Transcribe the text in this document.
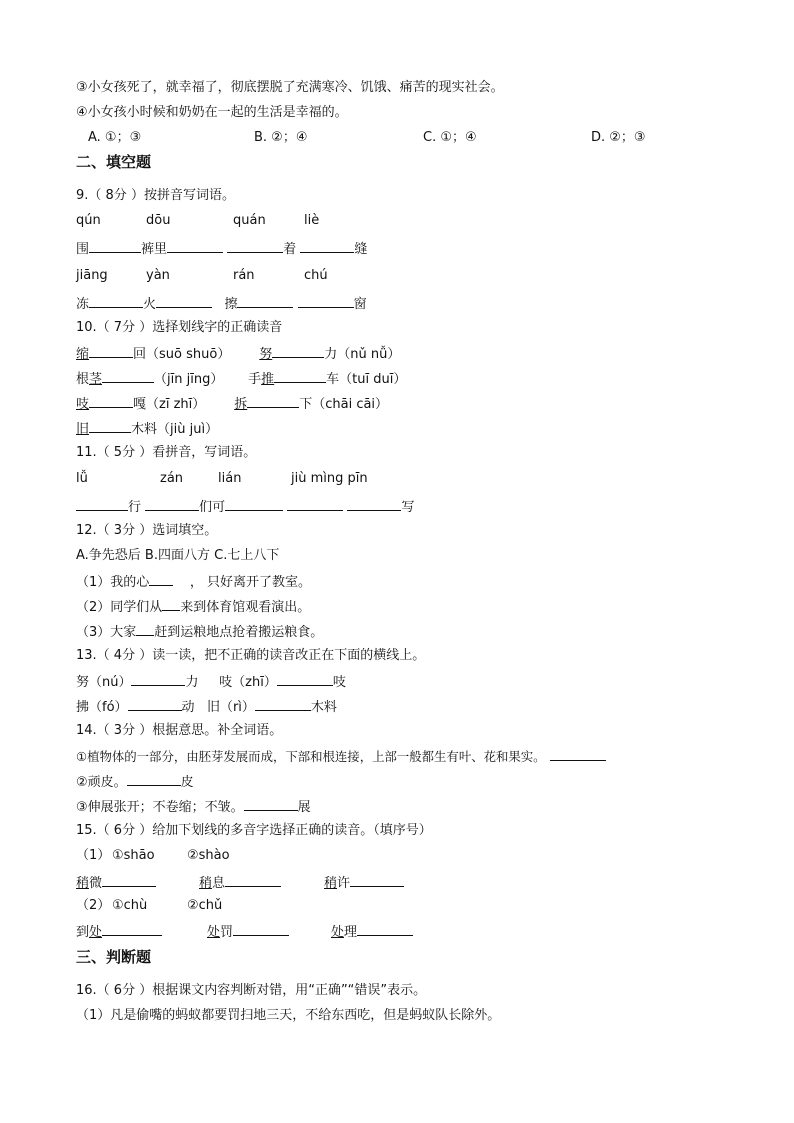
③小女孩死了，就幸福了，彻底摆脱了充满寒冷、饥饿、痛苦的现实社会。
④小女孩小时候和奶奶在一起的生活是幸福的。
A. ①；③	B. ②；④	C. ①；④	D. ②；③
二、填空题
9.（ 8分 ）按拼音写词语。
qún	dōu	quán	liè
围	裤里	着	缝
jiāng	yàn	rán	chú
冻	火	擦	窗
10.（ 7分 ）选择划线字的正确读音
缩	回（suō shuō） 努	力（nǔ nǚ）
根茎	（jīn jīng） 手推	车（tuī duī）
吱	嘎（zī zhī） 拆	下（chāi cāi）
旧	木料（jiù juì）
11.（ 5分 ）看拼音，写词语。
lǚ	zán	lián	jiù mìng pīn
行	们可	写
12.（ 3分 ）选词填空。
A.争先恐后 B.四面八方 C.七上八下
（1）我的心	， 只好离开了教室。
（2）同学们从 来到体育馆观看演出。
（3）大家 赶到运粮地点抢着搬运粮食。
13.（ 4分 ）读一读，把不正确的读音改正在下面的横线上。
努（nú）	力 吱（zhī）	吱
拂（fó）	动 旧（rì）	木料
14.（ 3分 ）根据意思。补全词语。
①植物体的一部分，由胚芽发展而成，下部和根连接，上部一般都生有叶、花和果实。
②顽皮。	皮
③伸展张开；不卷缩；不皱。	展
15.（ 6分 ）给加下划线的多音字选择正确的读音。（填序号）
（1） ①shāo ②shào
稍微	稍息	稍许
（2） ①chù	②chǔ
到处	处罚	处理
三、判断题
16.（ 6分 ）根据课文内容判断对错，用“正确”“错误”表示。
（1）凡是偷嘴的蚂蚁都要罚扫地三天，不给东西吃，但是蚂蚁队长除外。
